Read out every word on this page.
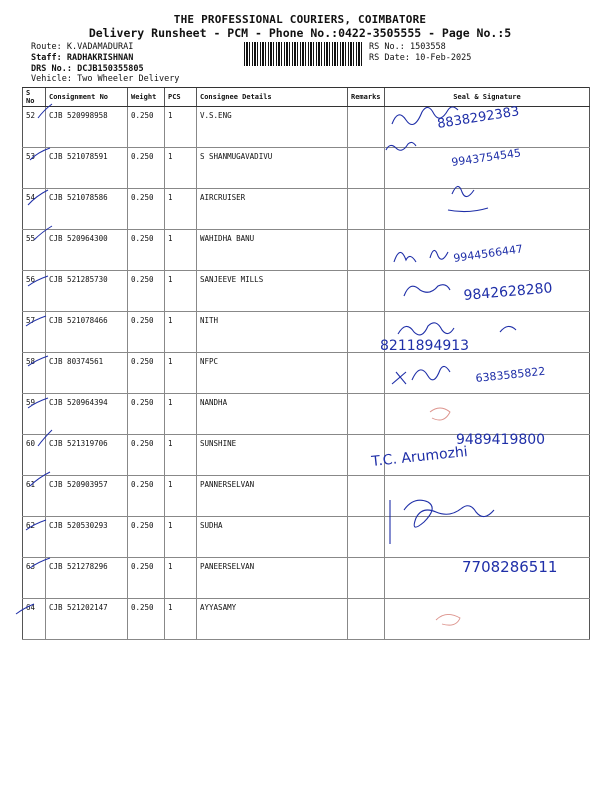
THE PROFESSIONAL COURIERS, COIMBATORE
Delivery Runsheet - PCM - Phone No.:0422-3505555 - Page No.:5
Route: K.VADAMADURAI
Staff: RADHAKRISHNAN
DRS No.: DCJB150355805
Vehicle: Two Wheeler Delivery
RS No.: 1503558
RS Date: 10-Feb-2025
S No	Consignment No	Weight	PCS	Consignee Details	Remarks	Seal & Signature
52	CJB 520998958	0.250	1	V.S.ENG		
53	CJB 521078591	0.250	1	S SHANMUGAVADIVU		
54	CJB 521078586	0.250	1	AIRCRUISER		
55	CJB 520964300	0.250	1	WAHIDHA BANU		
56	CJB 521285730	0.250	1	SANJEEVE MILLS		
57	CJB 521078466	0.250	1	NITH		
58	CJB 80374561	0.250	1	NFPC		
59	CJB 520964394	0.250	1	NANDHA		
60	CJB 521319706	0.250	1	SUNSHINE		
61	CJB 520903957	0.250	1	PANNERSELVAN		
62	CJB 520530293	0.250	1	SUDHA		
63	CJB 521278296	0.250	1	PANEERSELVAN		
64	CJB 521202147	0.250	1	AYYASAMY		
8838292383
9943754545
9944566447
9842628280
8211894913
6383585822
9489419800
T.C. Arumozhi
7708286511
